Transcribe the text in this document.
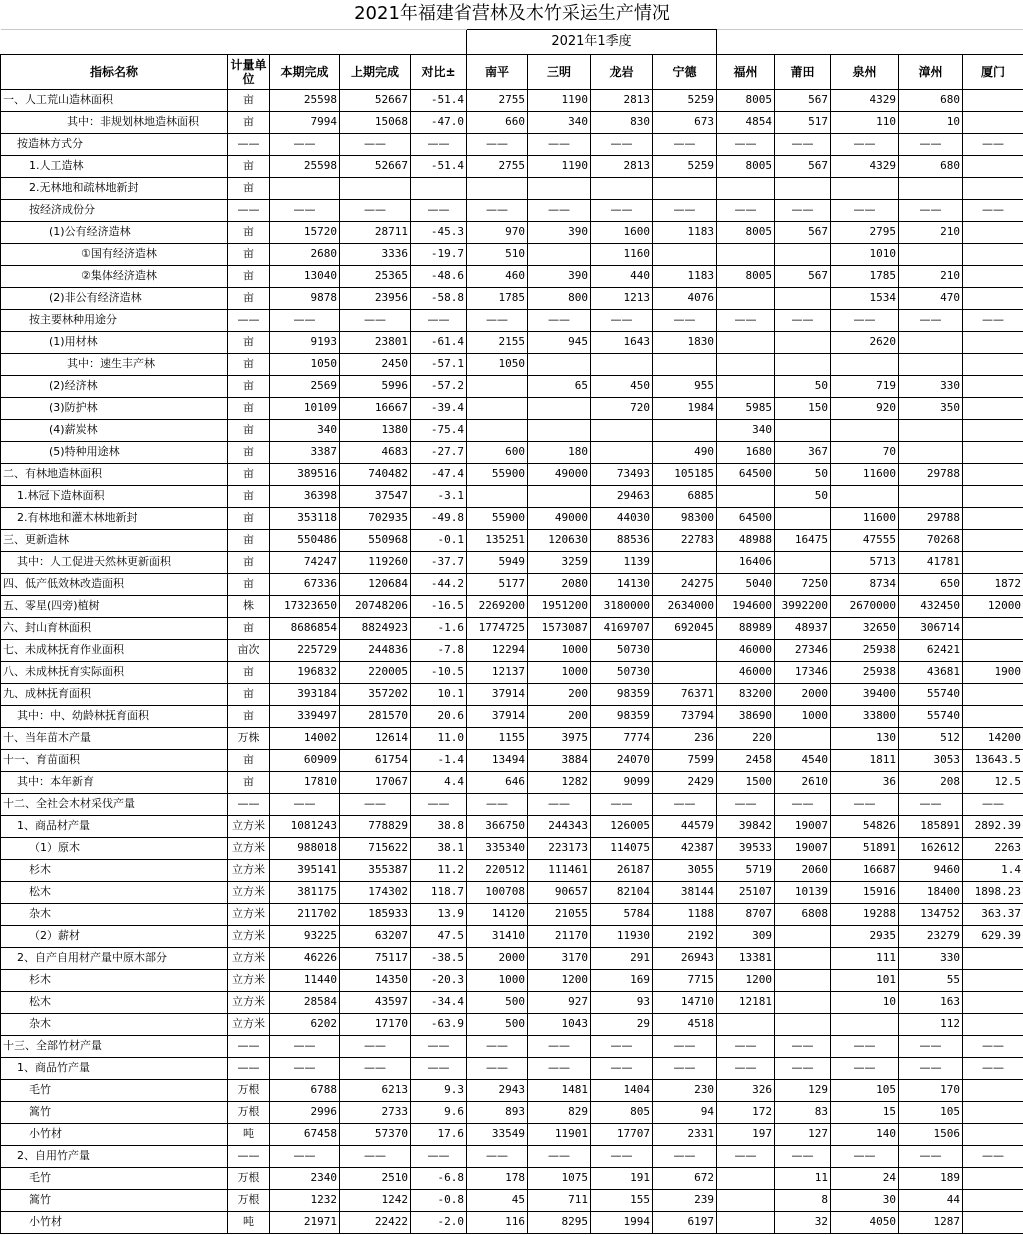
2021年福建省营林及木竹采运生产情况													
					2021年1季度								
指标名称	计量单位	本期完成	上期完成	对比±	南平	三明	龙岩	宁德	福州	莆田	泉州	漳州	厦门
一、人工荒山造林面积	亩	25598	52667	-51.4	2755	1190	2813	5259	8005	567	4329	680	
其中：非规划林地造林面积	亩	7994	15068	-47.0	660	340	830	673	4854	517	110	10	
按造林方式分	——	——	——	——	——	——	——	——	——	——	——	——	——
1.人工造林	亩	25598	52667	-51.4	2755	1190	2813	5259	8005	567	4329	680	
2.无林地和疏林地新封	亩												
按经济成份分	——	——	——	——	——	——	——	——	——	——	——	——	——
(1)公有经济造林	亩	15720	28711	-45.3	970	390	1600	1183	8005	567	2795	210	
①国有经济造林	亩	2680	3336	-19.7	510		1160				1010		
②集体经济造林	亩	13040	25365	-48.6	460	390	440	1183	8005	567	1785	210	
(2)非公有经济造林	亩	9878	23956	-58.8	1785	800	1213	4076			1534	470	
按主要林种用途分	——	——	——	——	——	——	——	——	——	——	——	——	——
(1)用材林	亩	9193	23801	-61.4	2155	945	1643	1830			2620		
其中：速生丰产林	亩	1050	2450	-57.1	1050								
(2)经济林	亩	2569	5996	-57.2		65	450	955		50	719	330	
(3)防护林	亩	10109	16667	-39.4			720	1984	5985	150	920	350	
(4)薪炭林	亩	340	1380	-75.4					340				
(5)特种用途林	亩	3387	4683	-27.7	600	180		490	1680	367	70		
二、有林地造林面积	亩	389516	740482	-47.4	55900	49000	73493	105185	64500	50	11600	29788	
1.林冠下造林面积	亩	36398	37547	-3.1			29463	6885		50			
2.有林地和灌木林地新封	亩	353118	702935	-49.8	55900	49000	44030	98300	64500		11600	29788	
三、更新造林	亩	550486	550968	-0.1	135251	120630	88536	22783	48988	16475	47555	70268	
其中：人工促进天然林更新面积	亩	74247	119260	-37.7	5949	3259	1139		16406		5713	41781	
四、低产低效林改造面积	亩	67336	120684	-44.2	5177	2080	14130	24275	5040	7250	8734	650	1872
五、零星(四旁)植树	株	17323650	20748206	-16.5	2269200	1951200	3180000	2634000	194600	3992200	2670000	432450	12000
六、封山育林面积	亩	8686854	8824923	-1.6	1774725	1573087	4169707	692045	88989	48937	32650	306714	
七、未成林抚育作业面积	亩次	225729	244836	-7.8	12294	1000	50730		46000	27346	25938	62421	
八、未成林抚育实际面积	亩	196832	220005	-10.5	12137	1000	50730		46000	17346	25938	43681	1900
九、成林抚育面积	亩	393184	357202	10.1	37914	200	98359	76371	83200	2000	39400	55740	
其中：中、幼龄林抚育面积	亩	339497	281570	20.6	37914	200	98359	73794	38690	1000	33800	55740	
十、当年苗木产量	万株	14002	12614	11.0	1155	3975	7774	236	220		130	512	14200
十一、育苗面积	亩	60909	61754	-1.4	13494	3884	24070	7599	2458	4540	1811	3053	13643.5
其中：本年新育	亩	17810	17067	4.4	646	1282	9099	2429	1500	2610	36	208	12.5
十二、全社会木材采伐产量	——	——	——	——	——	——	——	——	——	——	——	——	——
1、商品材产量	立方米	1081243	778829	38.8	366750	244343	126005	44579	39842	19007	54826	185891	2892.39
（1）原木	立方米	988018	715622	38.1	335340	223173	114075	42387	39533	19007	51891	162612	2263
杉木	立方米	395141	355387	11.2	220512	111461	26187	3055	5719	2060	16687	9460	1.4
松木	立方米	381175	174302	118.7	100708	90657	82104	38144	25107	10139	15916	18400	1898.23
杂木	立方米	211702	185933	13.9	14120	21055	5784	1188	8707	6808	19288	134752	363.37
（2）薪材	立方米	93225	63207	47.5	31410	21170	11930	2192	309		2935	23279	629.39
2、自产自用材产量中原木部分	立方米	46226	75117	-38.5	2000	3170	291	26943	13381		111	330	
杉木	立方米	11440	14350	-20.3	1000	1200	169	7715	1200		101	55	
松木	立方米	28584	43597	-34.4	500	927	93	14710	12181		10	163	
杂木	立方米	6202	17170	-63.9	500	1043	29	4518				112	
十三、全部竹材产量	——	——	——	——	——	——	——	——	——	——	——	——	——
1、商品竹产量	——	——	——	——	——	——	——	——	——	——	——	——	——
毛竹	万根	6788	6213	9.3	2943	1481	1404	230	326	129	105	170	
篙竹	万根	2996	2733	9.6	893	829	805	94	172	83	15	105	
小竹材	吨	67458	57370	17.6	33549	11901	17707	2331	197	127	140	1506	
2、自用竹产量	——	——	——	——	——	——	——	——	——	——	——	——	——
毛竹	万根	2340	2510	-6.8	178	1075	191	672		11	24	189	
篙竹	万根	1232	1242	-0.8	45	711	155	239		8	30	44	
小竹材	吨	21971	22422	-2.0	116	8295	1994	6197		32	4050	1287	
